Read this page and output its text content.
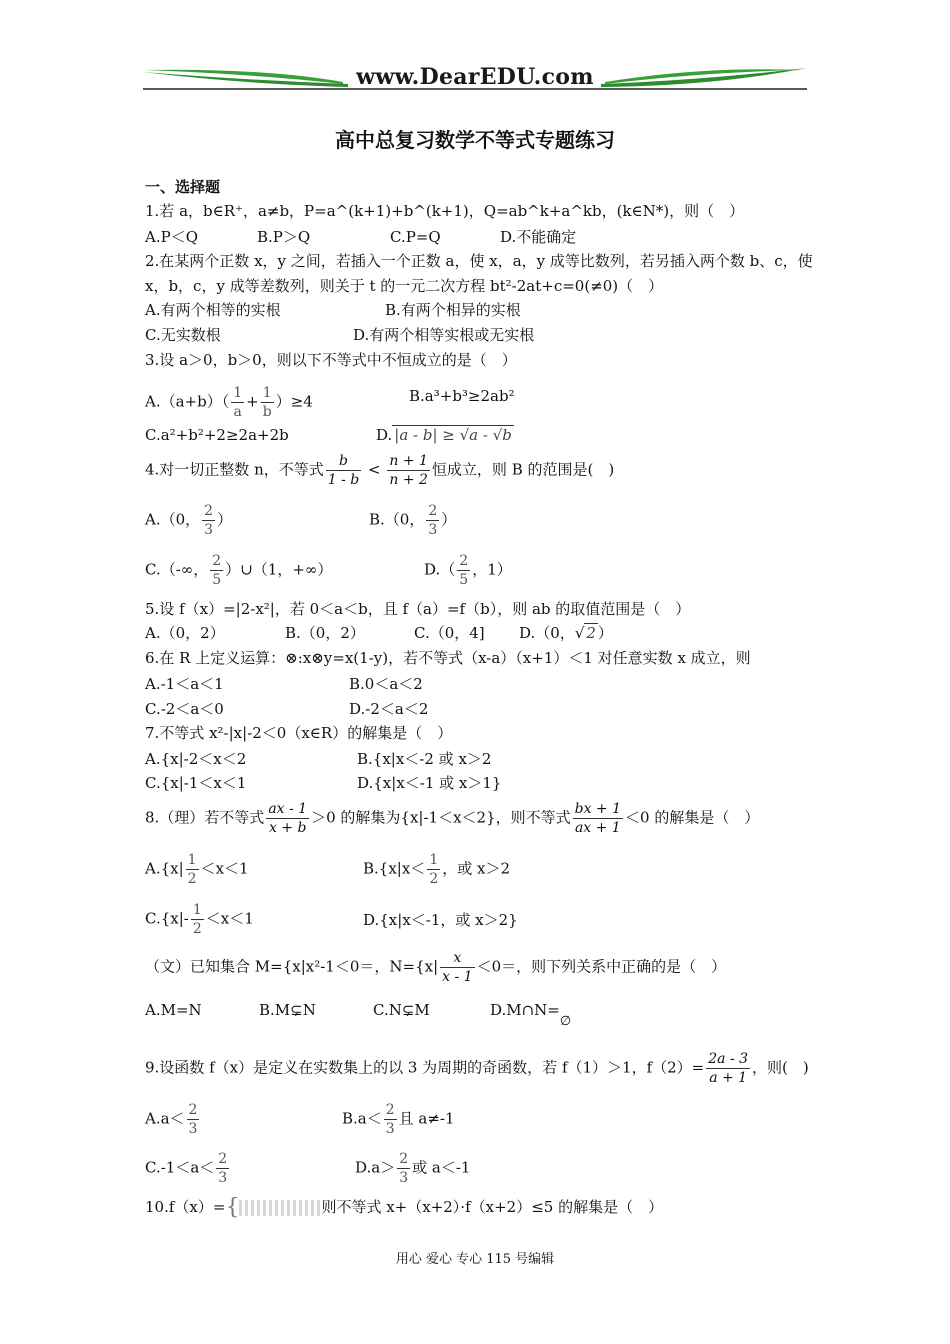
www.DearEDU.com
高中总复习数学不等式专题练习
一、选择题
1.若 a，b∈R⁺，a≠b，P=a^(k+1)+b^(k+1)，Q=ab^k+a^kb，(k∈N*)，则（　）
A.P＜Q	B.P＞Q	C.P=Q	D.不能确定
2.在某两个正数 x，y 之间，若插入一个正数 a，使 x，a，y 成等比数列，若另插入两个数 b、c，使
x，b，c，y 成等差数列，则关于 t 的一元二次方程 bt²-2at+c=0(≠0)（　）
A.有两个相等的实根	B.有两个相异的实根
C.无实数根	D.有两个相等实根或无实根
3.设 a＞0，b＞0，则以下不等式中不恒成立的是（　）
$A.(a+b)( \frac{1}{a} + \frac{1}{b} )\ge 4$	B.a³+b³≥2ab²
C.a²+b²+2≥2a+2b	D. |a - b| ≥ √a - √b
4.对一切正整数 n，不等式 $\frac{b}{1 - b} < \frac{n + 1}{n + 2}$ 恒成立，则 B 的范围是(　)
A.（0， $\frac{2}{3}$ ）	B.（0， $\frac{2}{3}$ ）
C.（-∞， $\frac{2}{5}$ ）∪（1，+∞）	$D.( \frac{2}{5}$ ，1）
5.设 f（x）=|2-x²|，若 0＜a＜b，且 f（a）=f（b），则 ab 的取值范围是（　）
A.（0，2）	B.（0，2）	C.（0，4] D.（0，√ 2 ）
6.在 R 上定义运算：⊗:x⊗y=x(1-y)，若不等式（x-a）（x+1）＜1 对任意实数 x 成立，则
A.-1＜a＜1	B.0＜a＜2
C.-2＜a＜0	D.-2＜a＜2
7.不等式 x²-|x|-2＜0（x∈R）的解集是（　）
A.{x|-2＜x＜2	B.{x|x＜-2 或 x＞2
C.{x|-1＜x＜1	D.{x|x＜-1 或 x＞1}
8.（理）若不等式 $\frac{ax - 1}{x + b} >0$ 的解集为{x|-1＜x＜2}，则不等式 $\frac{bx + 1}{ax + 1} <0$ 的解集是（　）
$A.\{x| \frac{1}{2} <x<1$	$B.\{x|x< \frac{1}{2}$ ，或 x＞2
$C.\{x|- \frac{1}{2} <x<1$	D.{x|x＜-1，或 x＞2}
（文）已知集合 M={x|x²-1＜0＝，$N=\{x| \frac{x}{x - 1} <0=$，则下列关系中正确的是（　）
A.M=N	B.M⊊N	C.N⊊M	D.M∩N=∅
9.设函数 f（x）是定义在实数集上的以 3 为周期的奇函数，若 f（1）＞1，$f(2)= \frac{2a - 3}{a + 1}$ ，则(　)
$A.a< \frac{2}{3}$	$B.a< \frac{2}{3}$ 且 a≠-1
$C.-1<a< \frac{2}{3}$	$D.a> \frac{2}{3}$ 或 a＜-1
10.f（x）={	则不等式 x+（x+2）·f（x+2）≤5 的解集是（　）
用心 爱心 专心 115 号编辑
